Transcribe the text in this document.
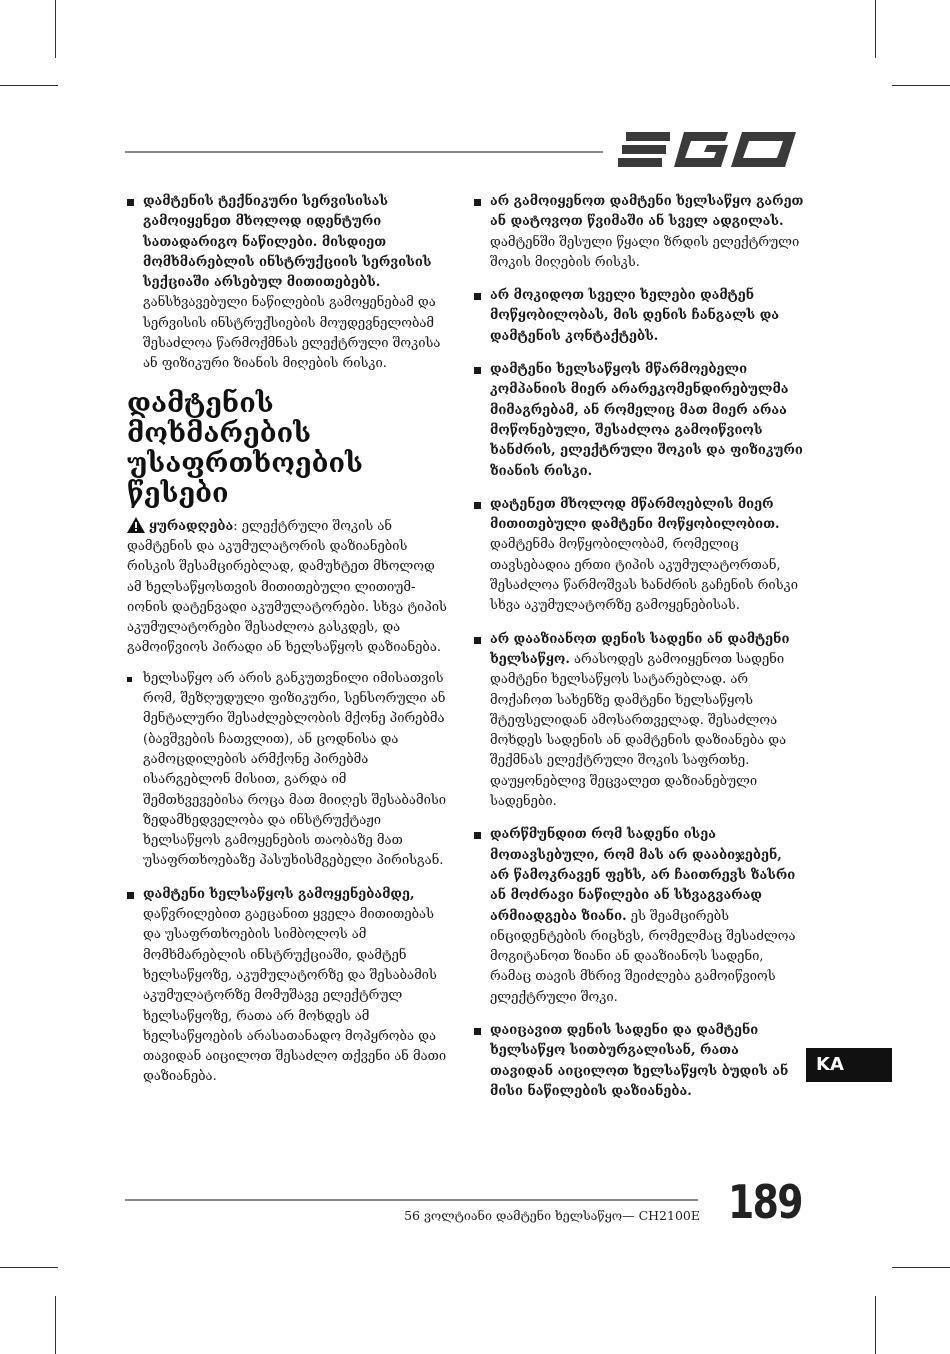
დამტენის ტექნიკური სერვისისას გამოიყენეთ მხოლოდ იდენტური სათადარიგო ნაწილები. მისდიეთ მომხმარებლის ინსტრუქციის სერვისის სექციაში არსებულ მითითებებს. განსხვავებული ნაწილების გამოყენებამ და სერვისის ინსტრუქსიების მოუდევნელობამ შესაძლოა წარმოქმნას ელექტრული შოკისა ან ფიზიკური ზიანის მიღების რისკი.
დამტენის მოხმარების უსაფრთხოების წესები

ყურადღება: ელექტრული შოკის ან დამტენის და აკუმულატორის დაზიანების რისკის შესამცირებლად, დამუხტეთ მხოლოდ ამ ხელსაწყოსთვის მითითებული ლითიუმ-იონის დატენვადი აკუმულატორები. სხვა ტიპის აკუმულატორები შესაძლოა გასკდეს, და გამოიწვიოს პირადი ან ხელსაწყოს დაზიანება.

ხელსაწყო არ არის განკუთვნილი იმისათვის რომ, შეზღუდული ფიზიკური, სენსორული ან მენტალური შესაძლებლობის მქონე პირებმა (ბავშვების ჩათვლით), ან ცოდნისა და გამოცდილების არმქონე პირებმა ისარგებლონ მისით, გარდა იმ შემთხვევებისა როცა მათ მიიღეს შესაბამისი ზედამხედველობა და ინსტრუქტაჟი ხელსაწყოს გამოყენების თაობაზე მათ უსაფრთხოებაზე პასუხისმგებელი პირისგან.
დამტენი ხელსაწყოს გამოყენებამდე, დაწვრილებით გაეცანით ყველა მითითებას და უსაფრთხოების სიმბოლოს ამ მომხმარებლის ინსტრუქციაში, დამტენ ხელსაწყოზე, აკუმულატორზე და შესაბამის აკუმულატორზე მომუშავე ელექტრულ ხელსაწყოზე, რათა არ მოხდეს ამ ხელსაწყოების არასათანადო მოპყრობა და თავიდან აიცილოთ შესაძლო თქვენი ან მათი დაზიანება.
არ გამოიყენოთ დამტენი ხელსაწყო გარეთ ან დატოვოთ წვიმაში ან სველ ადგილას. დამტენში შესული წყალი ზრდის ელექტრული შოკის მიღების რისკს.
არ მოკიდოთ სველი ხელები დამტენ მოწყობილობას, მის დენის ჩანგალს და დამტენის კონტაქტებს.
დამტენი ხელსაწყოს მწარმოებელი კომპანიის მიერ არარეკომენდირებულმა მიმაგრებამ, ან რომელიც მათ მიერ არაა მოწონებული, შესაძლოა გამოიწვიოს ხანძრის, ელექტრული შოკის და ფიზიკური ზიანის რისკი.
დატენეთ მხოლოდ მწარმოებლის მიერ მითითებული დამტენი მოწყობილობით. დამტენმა მოწყობილობამ, რომელიც თავსებადია ერთი ტიპის აკუმულატორთან, შესაძლოა წარმოშვას ხანძრის გაჩენის რისკი სხვა აკუმულატორზე გამოყენებისას.
არ დააზიანოთ დენის სადენი ან დამტენი ხელსაწყო. არასოდეს გამოიყენოთ სადენი დამტენი ხელსაწყოს სატარებლად. არ მოქაჩოთ სახენზე დამტენი ხელსაწყოს შტეფსელიდან ამოსართველად. შესაძლოა მოხდეს სადენის ან დამტენის დაზიანება და შექმნას ელექტრული შოკის საფრთხე. დაუყონებლივ შეცვალეთ დაზიანებული სადენები.
დარწმუნდით რომ სადენი ისეა მოთავსებული, რომ მას არ დააბიჯებენ, არ წამოკრავენ ფეხს, არ ჩაითრევს ზასრი ან მოძრავი ნაწილები ან სხვაგვარად არმიადგება ზიანი. ეს შეამცირებს ინციდენტების რიცხვს, რომელმაც შესაძლოა მოგიტანოთ ზიანი ან დააზიანოს სადენი, რამაც თავის მხრივ შეიძლება გამოიწვიოს ელექტრული შოკი.
დაიცავით დენის სადენი და დამტენი ხელსაწყო სითბურგალისან, რათა თავიდან აიცილოთ ხელსაწყოს ბუდის ან მისი ნაწილების დაზიანება.
KA
56 ვოლტიანი დამტენი ხელსაწყო— CH2100E 189
